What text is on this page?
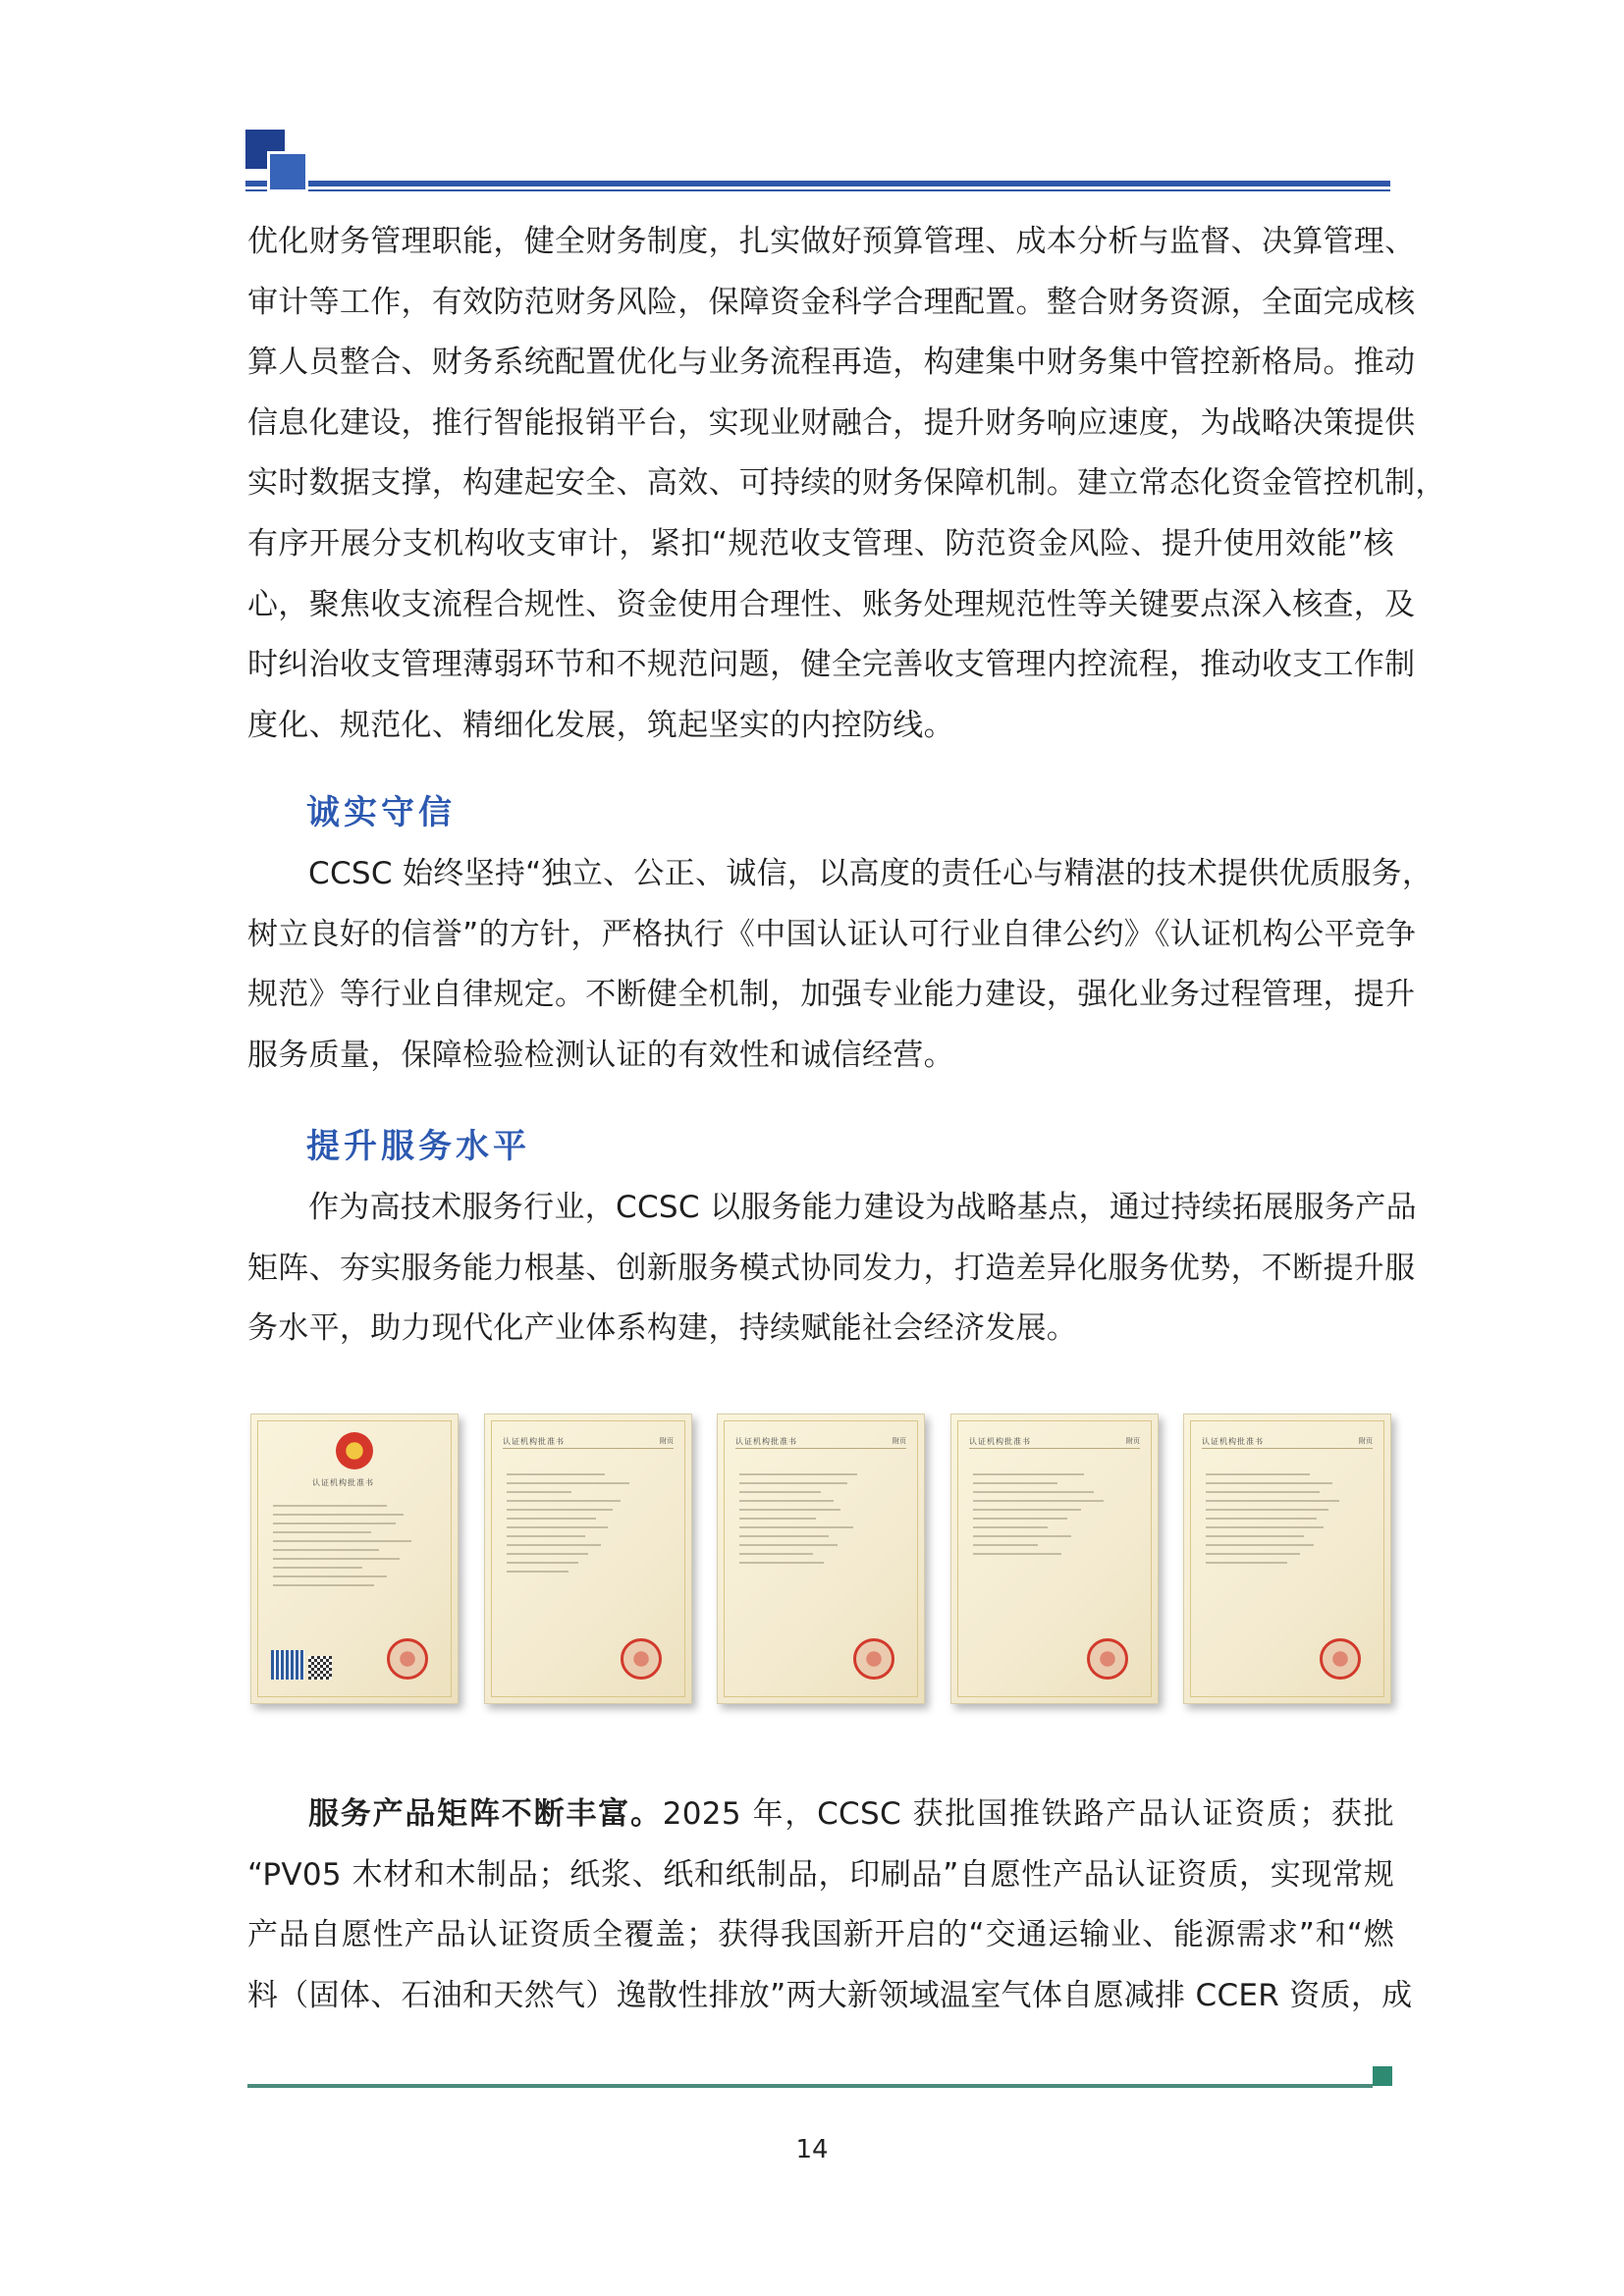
优化财务管理职能，健全财务制度，扎实做好预算管理、成本分析与监督、决算管理、
审计等工作，有效防范财务风险，保障资金科学合理配置。整合财务资源，全面完成核
算人员整合、财务系统配置优化与业务流程再造，构建集中财务集中管控新格局。推动
信息化建设，推行智能报销平台，实现业财融合，提升财务响应速度，为战略决策提供
实时数据支撑，构建起安全、高效、可持续的财务保障机制。建立常态化资金管控机制，
有序开展分支机构收支审计，紧扣“规范收支管理、防范资金风险、提升使用效能”核
心，聚焦收支流程合规性、资金使用合理性、账务处理规范性等关键要点深入核查，及
时纠治收支管理薄弱环节和不规范问题，健全完善收支管理内控流程，推动收支工作制
度化、规范化、精细化发展，筑起坚实的内控防线。
诚实守信
CCSC 始终坚持“独立、公正、诚信，以高度的责任心与精湛的技术提供优质服务，
树立良好的信誉”的方针，严格执行《中国认证认可行业自律公约》《认证机构公平竞争
规范》等行业自律规定。不断健全机制，加强专业能力建设，强化业务过程管理，提升
服务质量，保障检验检测认证的有效性和诚信经营。
提升服务水平
作为高技术服务行业，CCSC 以服务能力建设为战略基点，通过持续拓展服务产品
矩阵、夯实服务能力根基、创新服务模式协同发力，打造差异化服务优势，不断提升服
务水平，助力现代化产业体系构建，持续赋能社会经济发展。
认证机构批准书
认证机构批准书	附页	认证机构批准书	附页	认证机构批准书	附页	认证机构批准书	附页
服务产品矩阵不断丰富。2025 年，CCSC 获批国推铁路产品认证资质；获批
“PV05 木材和木制品；纸浆、纸和纸制品，印刷品”自愿性产品认证资质，实现常规
产品自愿性产品认证资质全覆盖；获得我国新开启的“交通运输业、能源需求”和“燃
料（固体、石油和天然气）逸散性排放”两大新领域温室气体自愿减排 CCER 资质，成
14
